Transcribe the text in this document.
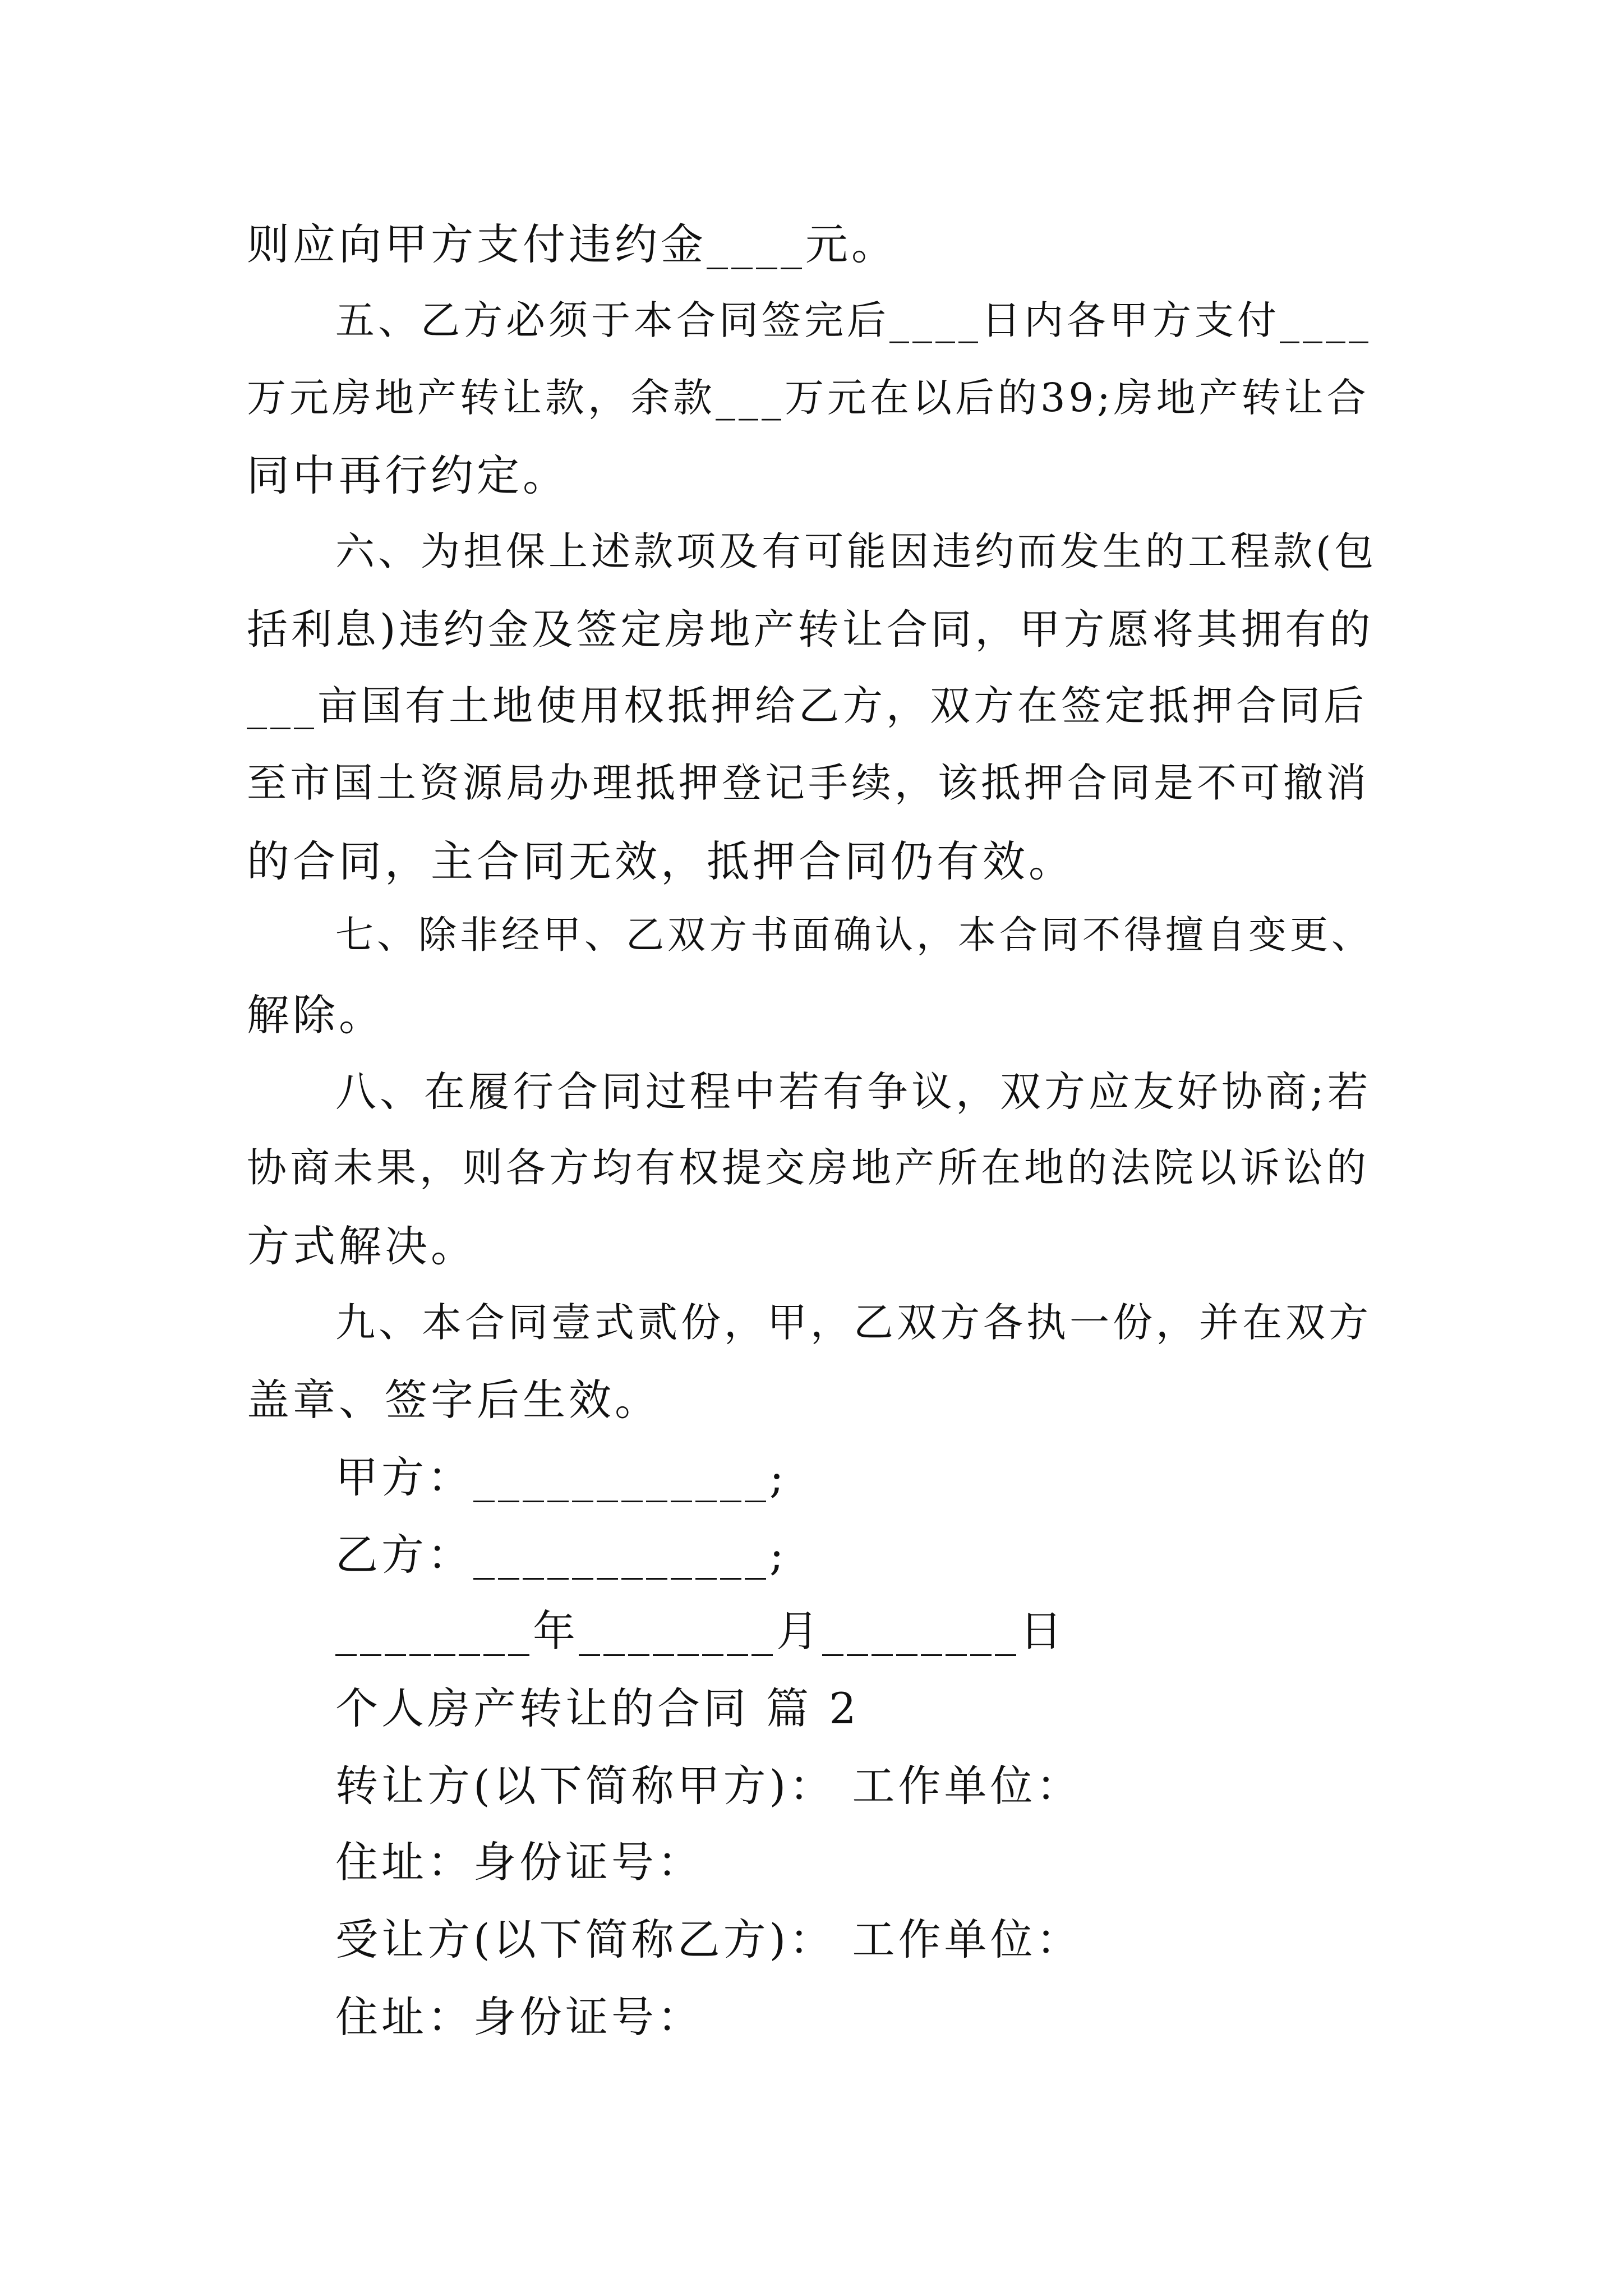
则应向甲方支付违约金____元。
五、乙方必须于本合同签完后____日内各甲方支付____
万元房地产转让款，余款___万元在以后的39;房地产转让合
同中再行约定。
六、为担保上述款项及有可能因违约而发生的工程款(包
括利息)违约金及签定房地产转让合同，甲方愿将其拥有的
___亩国有土地使用权抵押给乙方，双方在签定抵押合同后
至市国土资源局办理抵押登记手续，该抵押合同是不可撤消
的合同，主合同无效，抵押合同仍有效。
七、除非经甲、乙双方书面确认，本合同不得擅自变更、
解除。
八、在履行合同过程中若有争议，双方应友好协商;若
协商未果，则各方均有权提交房地产所在地的法院以诉讼的
方式解决。
九、本合同壹式贰份，甲，乙双方各执一份，并在双方
盖章、签字后生效。
甲方：____________;
乙方：____________;
________年________月________日
个人房产转让的合同 篇 2
转让方(以下简称甲方)： 工作单位：
住址：身份证号：
受让方(以下简称乙方)： 工作单位：
住址：身份证号：
